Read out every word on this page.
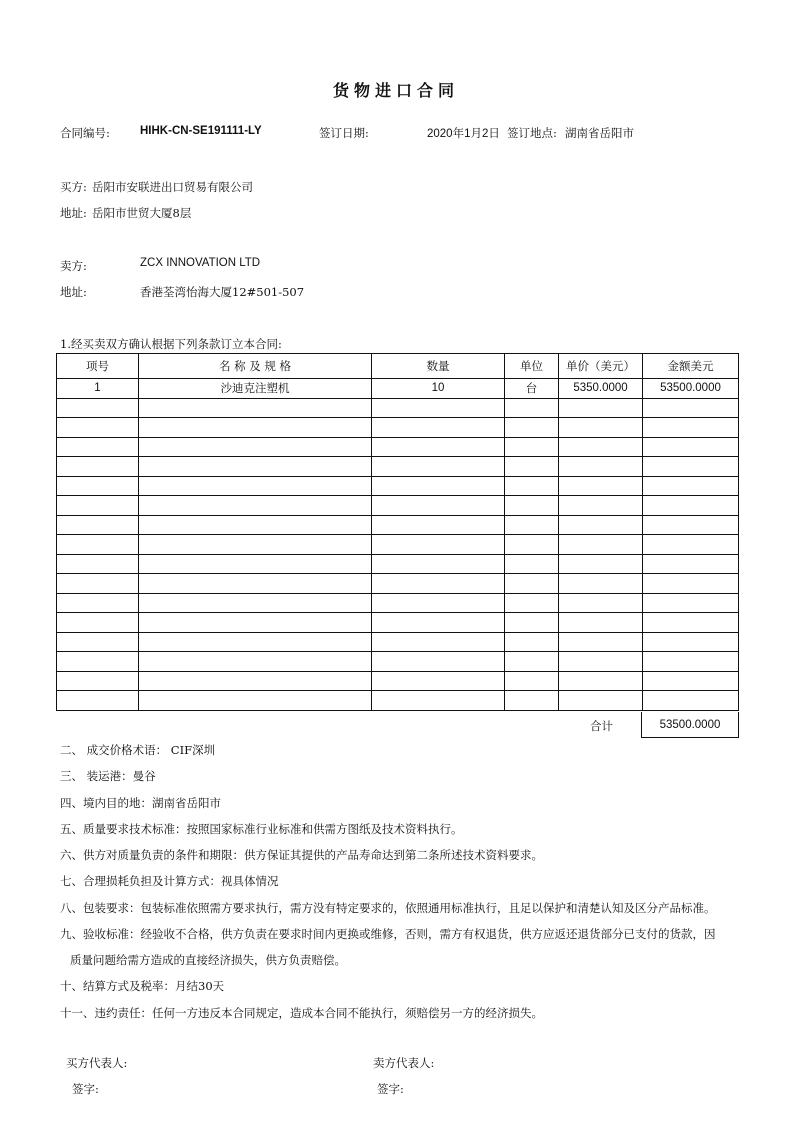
货物进口合同
合同编号:	HIHK-CN-SE191111-LY	签订日期:	2020年1月2日 签订地点: 湖南省岳阳市
买方: 岳阳市安联进出口贸易有限公司
地址: 岳阳市世贸大厦8层
卖方:	ZCX INNOVATION LTD
地址:	香港荃湾怡海大厦12#501-507
1.经买卖双方确认根据下列条款订立本合同:
项号	名 称 及 规 格	数量	单位	单价（美元）	金额美元
1	沙迪克注塑机	10	台	5350.0000	53500.0000

合计	53500.0000
二、 成交价格术语： CIF深圳
三、 装运港：曼谷
四、境内目的地：湖南省岳阳市
五、质量要求技术标准：按照国家标准行业标准和供需方图纸及技术资料执行。
六、供方对质量负责的条件和期限：供方保证其提供的产品寿命达到第二条所述技术资料要求。
七、合理损耗负担及计算方式：视具体情况
八、包装要求：包装标准依照需方要求执行，需方没有特定要求的，依照通用标准执行，且足以保护和清楚认知及区分产品标准。
九、验收标准：经验收不合格，供方负责在要求时间内更换或维修，否则，需方有权退货，供方应返还退货部分已支付的货款，因
质量问题给需方造成的直接经济损失，供方负责赔偿。
十、结算方式及税率：月结30天
十一、违约责任：任何一方违反本合同规定，造成本合同不能执行，须赔偿另一方的经济损失。
买方代表人:	卖方代表人:
签字:	签字:
